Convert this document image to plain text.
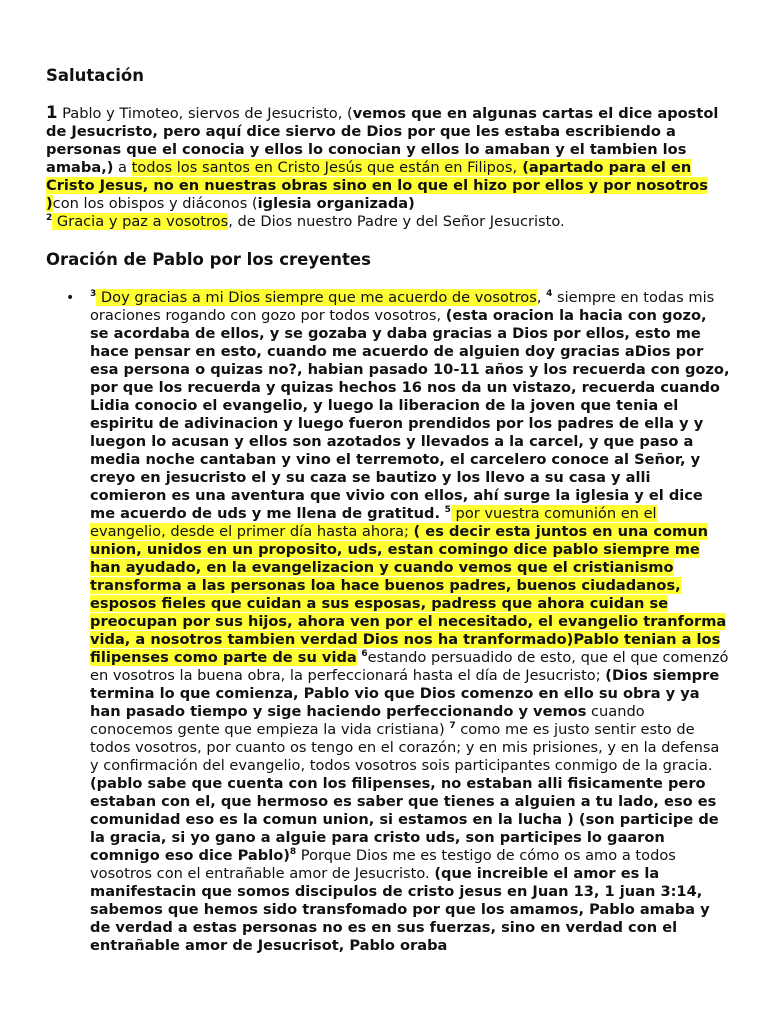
Salutación
1 Pablo y Timoteo, siervos de Jesucristo, (vemos que en algunas cartas el dice apostol de Jesucristo, pero aquí dice siervo de Dios por que les estaba escribiendo a personas que el conocia y ellos lo conocian y ellos lo amaban y el tambien los amaba,) a todos los santos en Cristo Jesús que están en Filipos, (apartado para el en Cristo Jesus, no en nuestras obras sino en lo que el hizo por ellos y por nosotros )con los obispos y diáconos (iglesia organizada)
$^2$ Gracia y paz a vosotros, de Dios nuestro Padre y del Señor Jesucristo.
Oración de Pablo por los creyentes
• $^3$ Doy gracias a mi Dios siempre que me acuerdo de vosotros, $^4$ siempre en todas mis oraciones rogando con gozo por todos vosotros, (esta oracion la hacia con gozo, se acordaba de ellos, y se gozaba y daba gracias a Dios por ellos, esto me hace pensar en esto, cuando me acuerdo de alguien doy gracias aDios por esa persona o quizas no?, habian pasado 10-11 años y los recuerda con gozo, por que los recuerda y quizas hechos 16 nos da un vistazo, recuerda cuando Lidia conocio el evangelio, y luego la liberacion de la joven que tenia el espiritu de adivinacion y luego fueron prendidos por los padres de ella y y luegon lo acusan y ellos son azotados y llevados a la carcel, y que paso a media noche cantaban y vino el terremoto, el carcelero conoce al Señor, y creyo en jesucristo el y su caza se bautizo y los llevo a su casa y alli comieron es una aventura que vivio con ellos, ahí surge la iglesia y el dice me acuerdo de uds y me llena de gratitud. $^5$ por vuestra comunión en el evangelio, desde el primer día hasta ahora; ( es decir esta juntos en una comun union, unidos en un proposito, uds, estan comingo dice pablo siempre me han ayudado, en la evangelizacion y cuando vemos que el cristianismo transforma a las personas loa hace buenos padres, buenos ciudadanos, esposos fieles que cuidan a sus esposas, padress que ahora cuidan se preocupan por sus hijos, ahora ven por el necesitado, el evangelio tranforma vida, a nosotros tambien verdad Dios nos ha tranformado)Pablo tenian a los filipenses como parte de su vida $^6$estando persuadido de esto, que el que comenzó en vosotros la buena obra, la perfeccionará hasta el día de Jesucristo; (Dios siempre termina lo que comienza, Pablo vio que Dios comenzo en ello su obra y ya han pasado tiempo y sige haciendo perfeccionando y vemos cuando conocemos gente que empieza la vida cristiana) $^7$ como me es justo sentir esto de todos vosotros, por cuanto os tengo en el corazón; y en mis prisiones, y en la defensa y confirmación del evangelio, todos vosotros sois participantes conmigo de la gracia. (pablo sabe que cuenta con los filipenses, no estaban alli fisicamente pero estaban con el, que hermoso es saber que tienes a alguien a tu lado, eso es comunidad eso es la comun union, si estamos en la lucha ) (son participe de la gracia, si yo gano a alguie para cristo uds, son participes lo gaaron comnigo eso dice Pablo)$^8$ Porque Dios me es testigo de cómo os amo a todos vosotros con el entrañable amor de Jesucristo. (que increible el amor es la manifestacin que somos discipulos de cristo jesus en Juan 13, 1 juan 3:14, sabemos que hemos sido transfomado por que los amamos, Pablo amaba y de verdad a estas personas no es en sus fuerzas, sino en verdad con el entrañable amor de Jesucrisot, Pablo oraba
